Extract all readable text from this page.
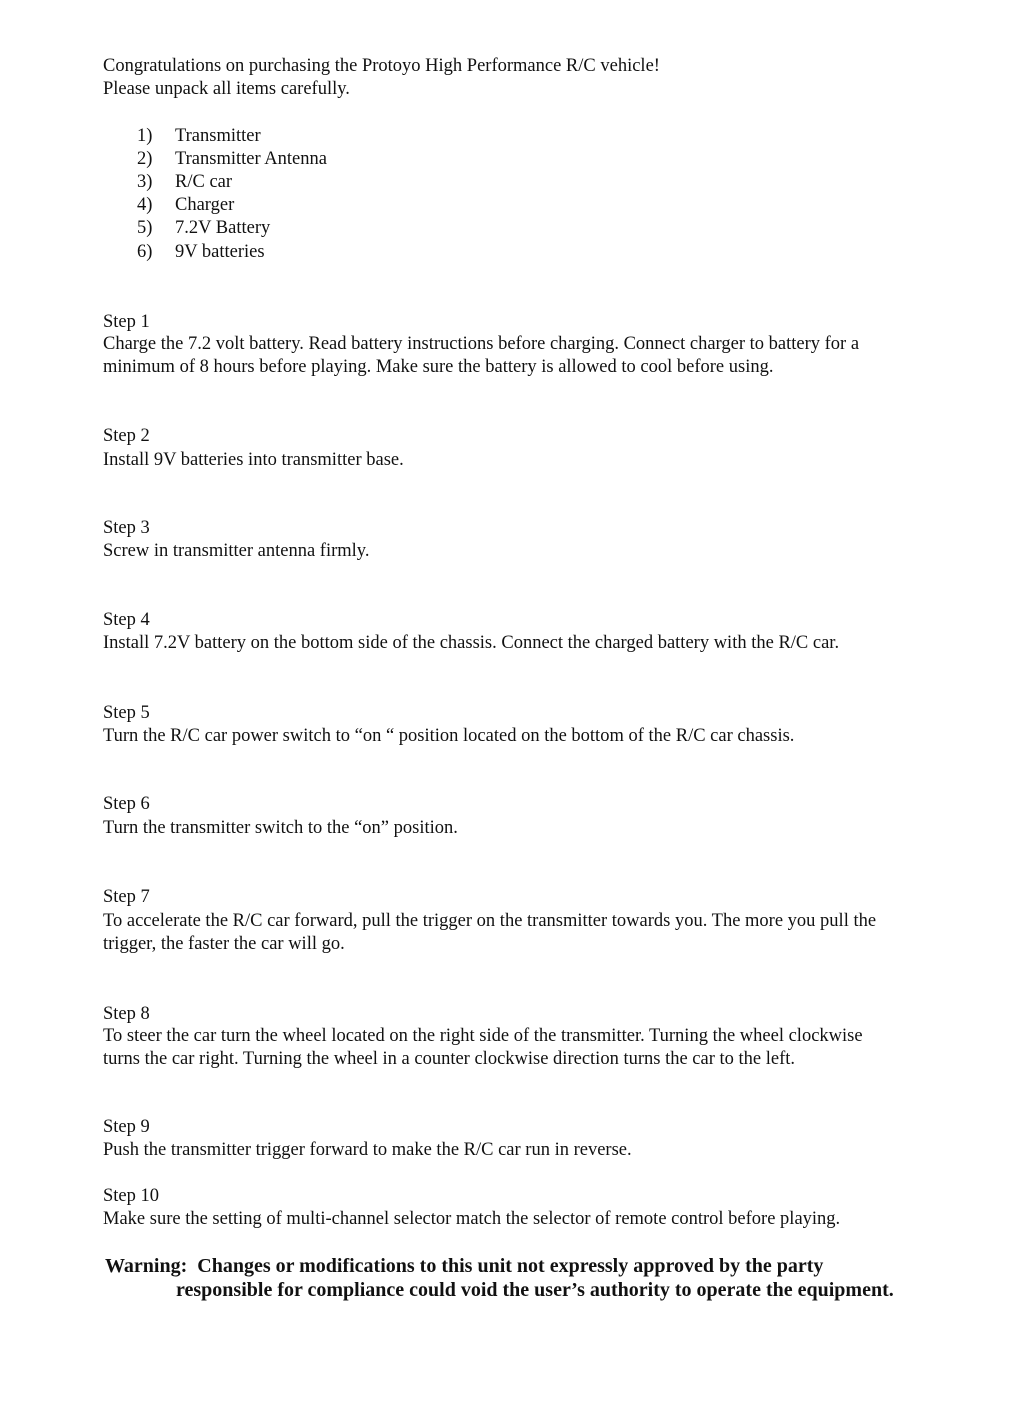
Congratulations on purchasing the Protoyo High Performance R/C vehicle!
Please unpack all items carefully.
1) Transmitter
2) Transmitter Antenna
3) R/C car
4) Charger
5) 7.2V Battery
6) 9V batteries
Step 1
Charge the 7.2 volt battery. Read battery instructions before charging. Connect charger to battery for a
minimum of 8 hours before playing. Make sure the battery is allowed to cool before using.
Step 2
Install 9V batteries into transmitter base.
Step 3
Screw in transmitter antenna firmly.
Step 4
Install 7.2V battery on the bottom side of the chassis. Connect the charged battery with the R/C car.
Step 5
Turn the R/C car power switch to “on “ position located on the bottom of the R/C car chassis.
Step 6
Turn the transmitter switch to the “on” position.
Step 7
To accelerate the R/C car forward, pull the trigger on the transmitter towards you. The more you pull the
trigger, the faster the car will go.
Step 8
To steer the car turn the wheel located on the right side of the transmitter. Turning the wheel clockwise
turns the car right. Turning the wheel in a counter clockwise direction turns the car to the left.
Step 9
Push the transmitter trigger forward to make the R/C car run in reverse.
Step 10
Make sure the setting of multi-channel selector match the selector of remote control before playing.
Warning: Changes or modifications to this unit not expressly approved by the party
responsible for compliance could void the user’s authority to operate the equipment.
